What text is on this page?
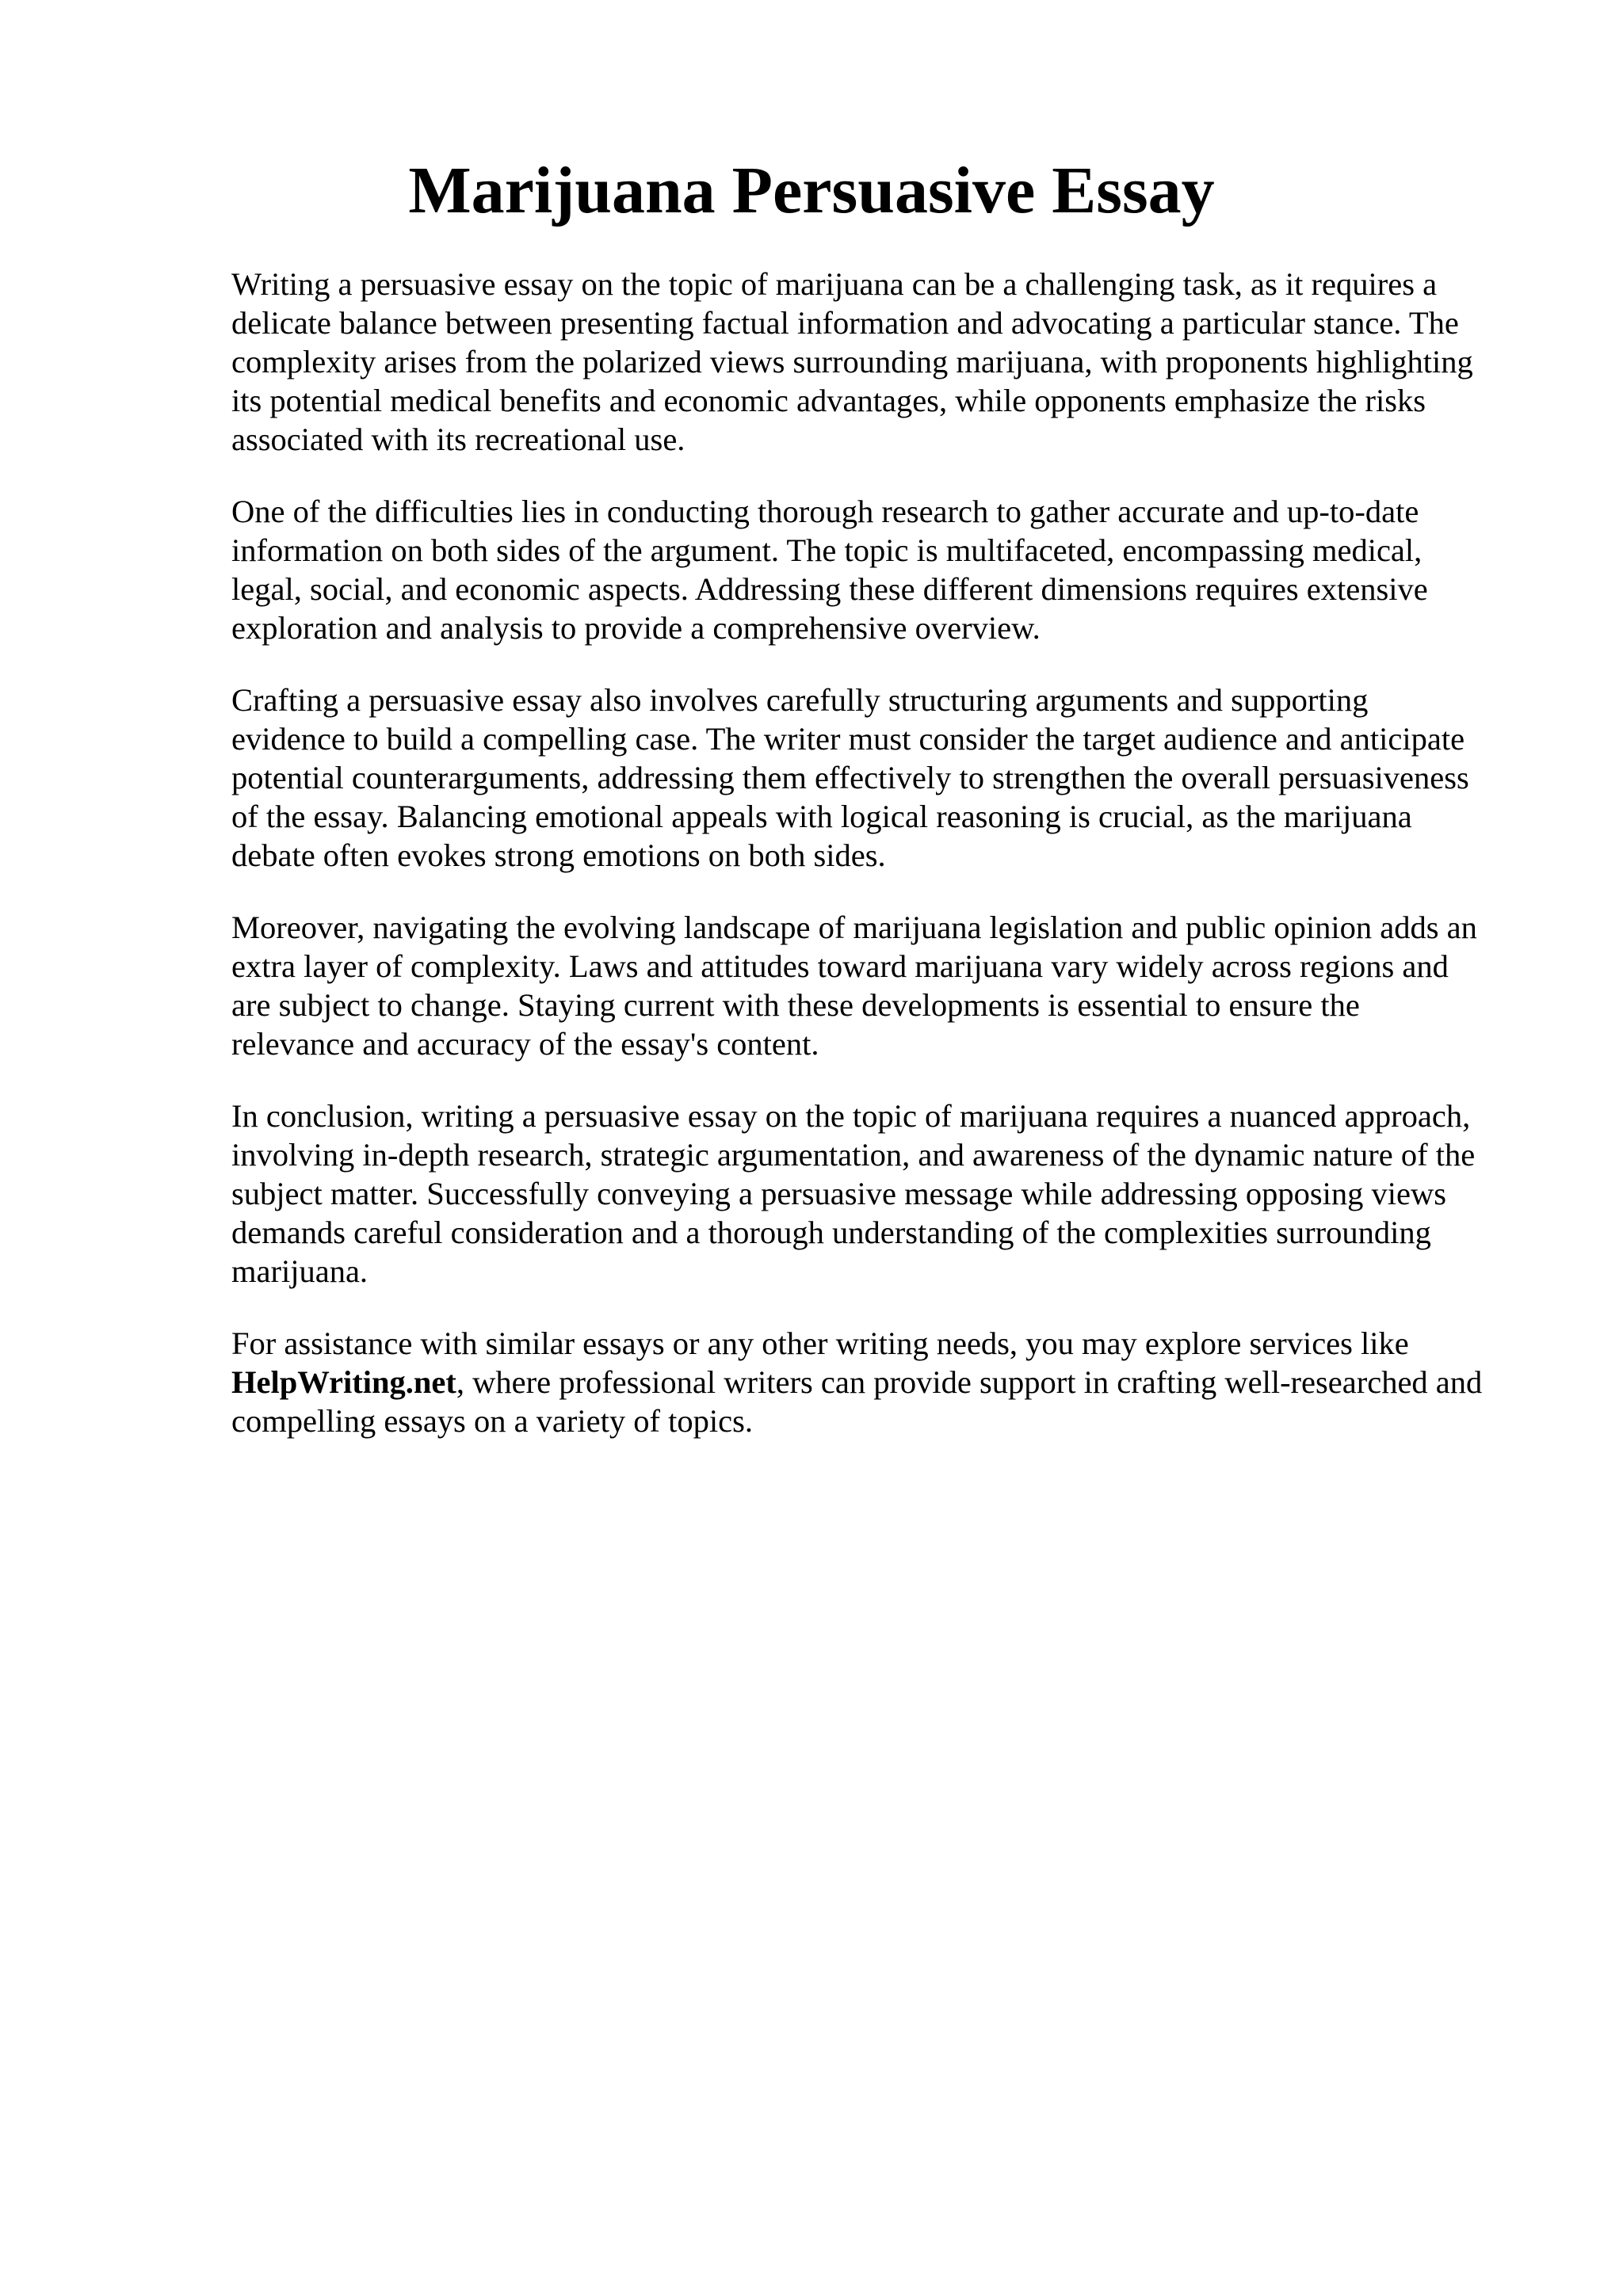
Marijuana Persuasive Essay

Writing a persuasive essay on the topic of marijuana can be a challenging task, as it requires a
delicate balance between presenting factual information and advocating a particular stance. The
complexity arises from the polarized views surrounding marijuana, with proponents highlighting
its potential medical benefits and economic advantages, while opponents emphasize the risks
associated with its recreational use.

One of the difficulties lies in conducting thorough research to gather accurate and up-to-date
information on both sides of the argument. The topic is multifaceted, encompassing medical,
legal, social, and economic aspects. Addressing these different dimensions requires extensive
exploration and analysis to provide a comprehensive overview.

Crafting a persuasive essay also involves carefully structuring arguments and supporting
evidence to build a compelling case. The writer must consider the target audience and anticipate
potential counterarguments, addressing them effectively to strengthen the overall persuasiveness
of the essay. Balancing emotional appeals with logical reasoning is crucial, as the marijuana
debate often evokes strong emotions on both sides.

Moreover, navigating the evolving landscape of marijuana legislation and public opinion adds an
extra layer of complexity. Laws and attitudes toward marijuana vary widely across regions and
are subject to change. Staying current with these developments is essential to ensure the
relevance and accuracy of the essay's content.

In conclusion, writing a persuasive essay on the topic of marijuana requires a nuanced approach,
involving in-depth research, strategic argumentation, and awareness of the dynamic nature of the
subject matter. Successfully conveying a persuasive message while addressing opposing views
demands careful consideration and a thorough understanding of the complexities surrounding
marijuana.

For assistance with similar essays or any other writing needs, you may explore services like
HelpWriting.net, where professional writers can provide support in crafting well-researched and
compelling essays on a variety of topics.
